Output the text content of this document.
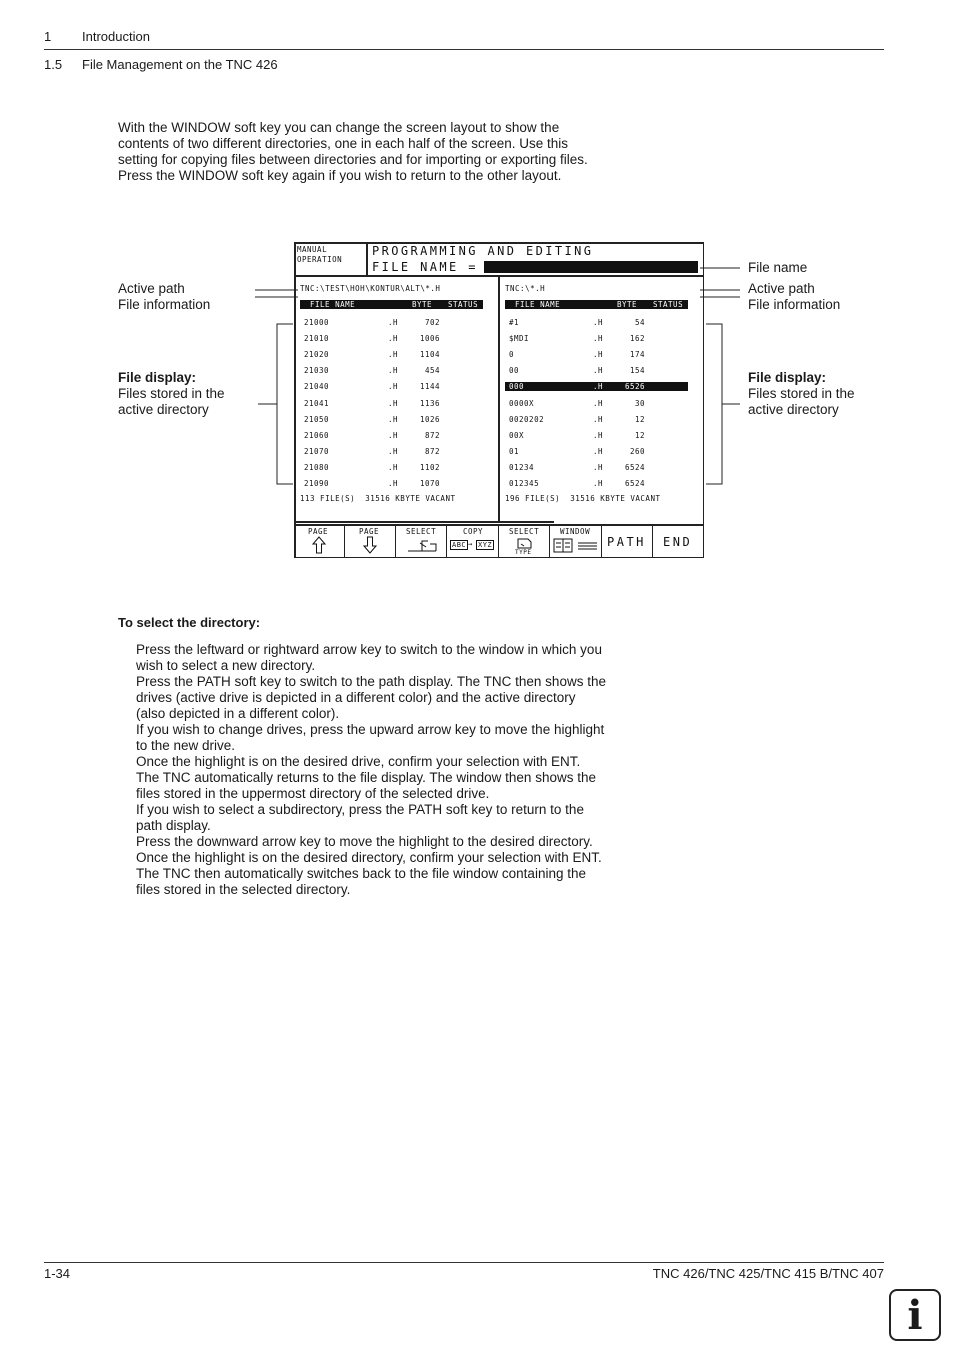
1 Introduction
1.5 File Management on the TNC 426
With the WINDOW soft key you can change the screen layout to show the contents of two different directories, one in each half of the screen. Use this setting for copying files between directories and for importing or exporting files. Press the WINDOW soft key again if you wish to return to the other layout.
Active path
File information
File display:
Files stored in the active directory
File name
Active path
File information
File display:
Files stored in the active directory
MANUAL
OPERATION
PROGRAMMING AND EDITING
FILE NAME =
TNC:\TEST\HOH\KONTUR\ALT\*.H
FILE NAME	BYTE STATUS
21000	.H	702
21010	.H	1006
21020	.H	1104
21030	.H	454
21040	.H	1144
21041	.H	1136
21050	.H	1026
21060	.H	872
21070	.H	872
21080	.H	1102
21090	.H	1070
113 FILE(S)  31516 KBYTE VACANT
TNC:\*.H
FILE NAME	BYTE STATUS
#1	.H	54
$MDI	.H	162
0	.H	174
00	.H	154
000	.H	6526
0000X	.H	30
0020202	.H	12
00X	.H	12
01	.H	260
01234	.H	6524
012345	.H	6524
196 FILE(S)  31516 KBYTE VACANT
PAGE	PAGE	SELECT	COPY
ABC → XYZ
SELECT
TYPE
WINDOW
PATH END
To select the directory:

Press the leftward or rightward arrow key to switch to the window in which you wish to select a new directory.

Press the PATH soft key to switch to the path display. The TNC then shows the drives (active drive is depicted in a different color) and the active directory (also depicted in a different color).

If you wish to change drives, press the upward arrow key to move the highlight to the new drive.

Once the highlight is on the desired drive, confirm your selection with ENT. The TNC automatically returns to the file display. The window then shows the files stored in the uppermost directory of the selected drive.

If you wish to select a subdirectory, press the PATH soft key to return to the path display.

Press the downward arrow key to move the highlight to the desired directory.

Once the highlight is on the desired directory, confirm your selection with ENT. The TNC then automatically switches back to the file window containing the files stored in the selected directory.

1-34	TNC 426/TNC 425/TNC 415 B/TNC 407
i
